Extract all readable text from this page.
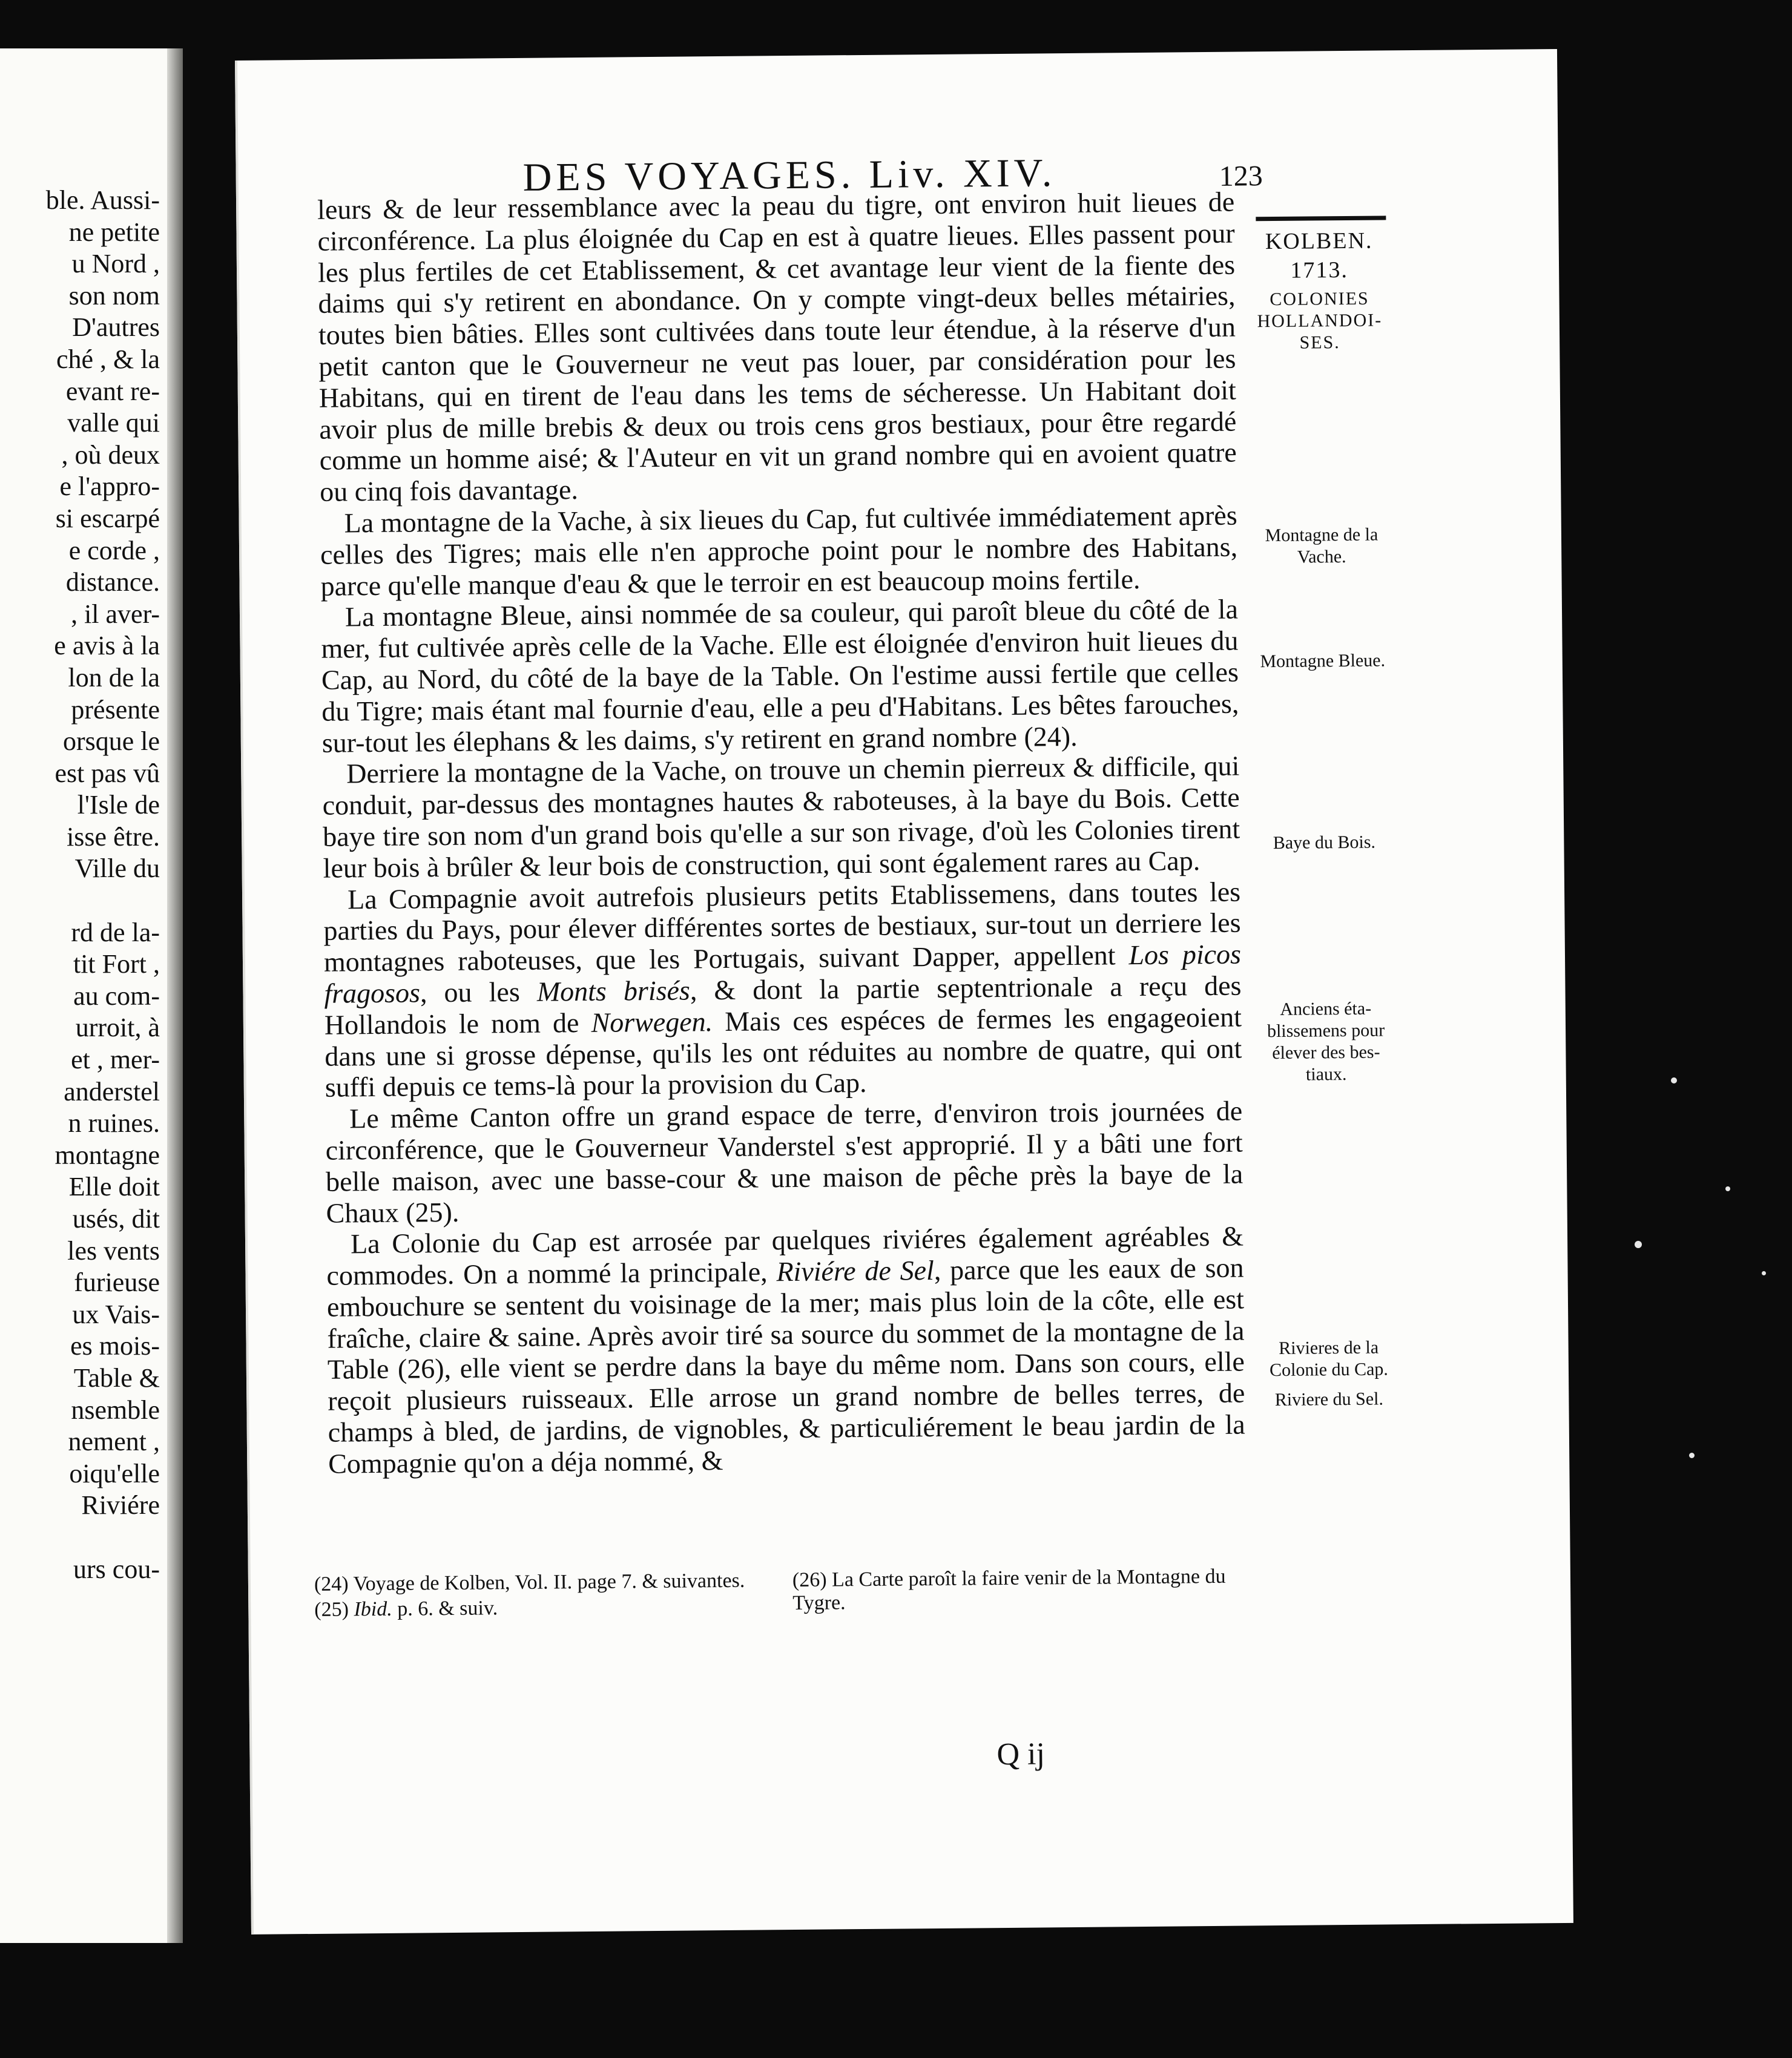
ble. Aussi-
ne petite
u Nord ,
son nom
D'autres
ché , & la
evant re-
valle qui
, où deux
e l'appro-
si escarpé
e corde ,
distance.
, il aver-
e avis à la
lon de la
présente
orsque le
est pas vû
l'Isle de
isse être.
Ville du

rd de la-
tit Fort ,
au com-
urroit, à
et , mer-
anderstel
n ruines.
montagne
Elle doit
usés, dit
les vents
furieuse
ux Vais-
es mois-
Table &
nsemble
nement ,
oiqu'elle
Riviére

urs cou-
DES VOYAGES. Liv. XIV.	123

leurs & de leur ressemblance avec la peau du tigre, ont environ huit lieues de circonférence. La plus éloignée du Cap en est à quatre lieues. Elles passent pour les plus fertiles de cet Etablissement, & cet avantage leur vient de la fiente des daims qui s'y retirent en abondance. On y compte vingt-deux belles métairies, toutes bien bâties. Elles sont cultivées dans toute leur étendue, à la réserve d'un petit canton que le Gouverneur ne veut pas louer, par considération pour les Habitans, qui en tirent de l'eau dans les tems de sécheresse. Un Habitant doit avoir plus de mille brebis & deux ou trois cens gros bestiaux, pour être regardé comme un homme aisé; & l'Auteur en vit un grand nombre qui en avoient quatre ou cinq fois davantage.

La montagne de la Vache, à six lieues du Cap, fut cultivée immédiatement après celles des Tigres; mais elle n'en approche point pour le nombre des Habitans, parce qu'elle manque d'eau & que le terroir en est beaucoup moins fertile.

La montagne Bleue, ainsi nommée de sa couleur, qui paroît bleue du côté de la mer, fut cultivée après celle de la Vache. Elle est éloignée d'environ huit lieues du Cap, au Nord, du côté de la baye de la Table. On l'estime aussi fertile que celles du Tigre; mais étant mal fournie d'eau, elle a peu d'Habitans. Les bêtes farouches, sur-tout les élephans & les daims, s'y retirent en grand nombre (24).

Derriere la montagne de la Vache, on trouve un chemin pierreux & difficile, qui conduit, par-dessus des montagnes hautes & raboteuses, à la baye du Bois. Cette baye tire son nom d'un grand bois qu'elle a sur son rivage, d'où les Colonies tirent leur bois à brûler & leur bois de construction, qui sont également rares au Cap.

La Compagnie avoit autrefois plusieurs petits Etablissemens, dans toutes les parties du Pays, pour élever différentes sortes de bestiaux, sur-tout un derriere les montagnes raboteuses, que les Portugais, suivant Dapper, appellent Los picos fragosos, ou les Monts brisés, & dont la partie septentrionale a reçu des Hollandois le nom de Norwegen. Mais ces espéces de fermes les engageoient dans une si grosse dépense, qu'ils les ont réduites au nombre de quatre, qui ont suffi depuis ce tems-là pour la provision du Cap.

Le même Canton offre un grand espace de terre, d'environ trois journées de circonférence, que le Gouverneur Vanderstel s'est approprié. Il y a bâti une fort belle maison, avec une basse-cour & une maison de pêche près la baye de la Chaux (25).

La Colonie du Cap est arrosée par quelques riviéres également agréables & commodes. On a nommé la principale, Riviére de Sel, parce que les eaux de son embouchure se sentent du voisinage de la mer; mais plus loin de la côte, elle est fraîche, claire & saine. Après avoir tiré sa source du sommet de la montagne de la Table (26), elle vient se perdre dans la baye du même nom. Dans son cours, elle reçoit plusieurs ruisseaux. Elle arrose un grand nombre de belles terres, de champs à bled, de jardins, de vignobles, & particuliérement le beau jardin de la Compagnie qu'on a déja nommé, &

KOLBEN.
1713.
COLONIES HOLLANDOI-SES.
Montagne de la Vache.
Montagne Bleue.
Baye du Bois.
Anciens éta-blissemens pour élever des bes-tiaux.
Rivieres de la Colonie du Cap.
Riviere du Sel.

(24) Voyage de Kolben, Vol. II. page 7. & suivantes.

(25) Ibid. p. 6. & suiv.

(26) La Carte paroît la faire venir de la Montagne du Tygre.

Q ij
